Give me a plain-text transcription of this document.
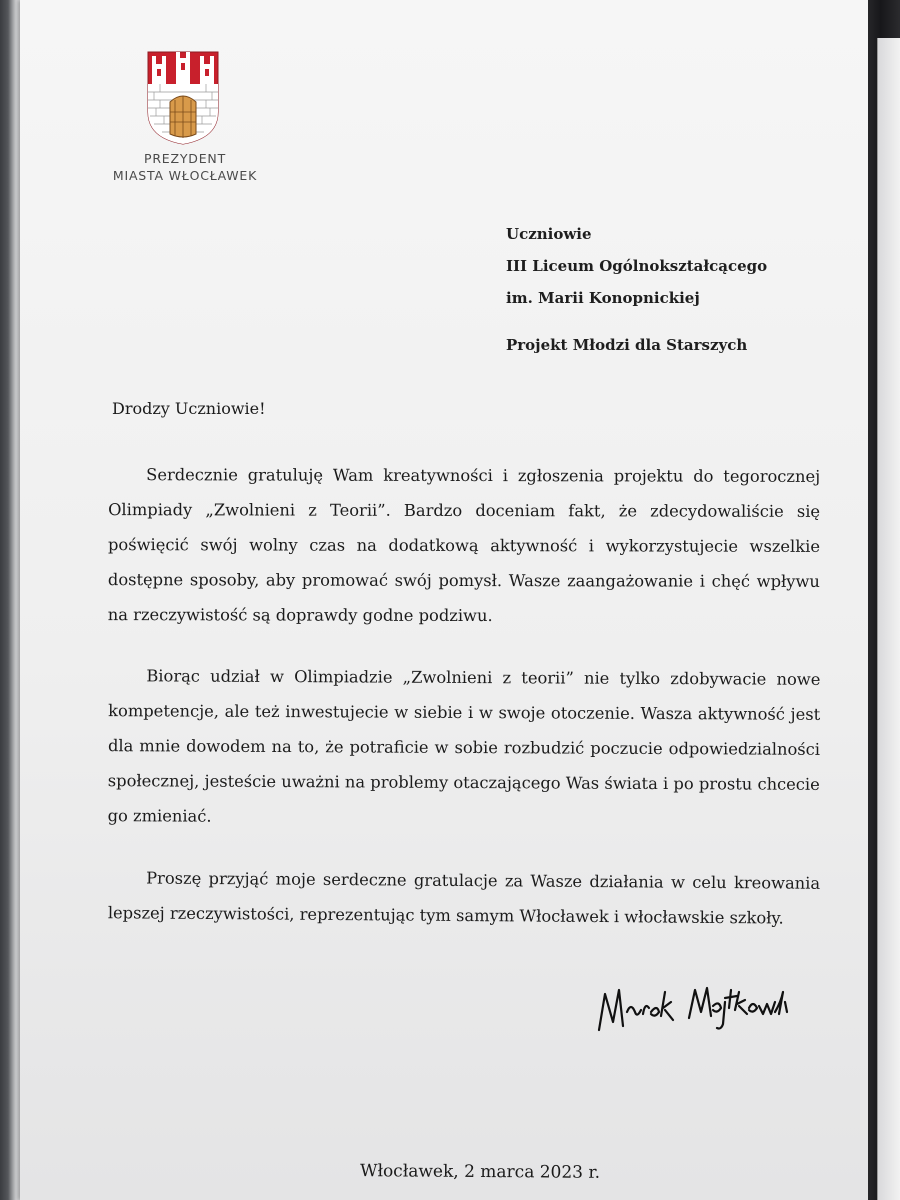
PREZYDENT
MIASTA WŁOCŁAWEK
Uczniowie
III Liceum Ogólnokształcącego
im. Marii Konopnickiej
Projekt Młodzi dla Starszych
Drodzy Uczniowie!

Serdecznie gratuluję Wam kreatywności i zgłoszenia projektu do tegorocznej Olimpiady „Zwolnieni z Teorii”. Bardzo doceniam fakt, że zdecydowaliście się poświęcić swój wolny czas na dodatkową aktywność i wykorzystujecie wszelkie dostępne sposoby, aby promować swój pomysł. Wasze zaangażowanie i chęć wpływu na rzeczywistość są doprawdy godne podziwu.

Biorąc udział w Olimpiadzie „Zwolnieni z teorii” nie tylko zdobywacie nowe kompetencje, ale też inwestujecie w siebie i w swoje otoczenie. Wasza aktywność jest dla mnie dowodem na to, że potraficie w sobie rozbudzić poczucie odpowiedzialności społecznej, jesteście uważni na problemy otaczającego Was świata i po prostu chcecie go zmieniać.

Proszę przyjąć moje serdeczne gratulacje za Wasze działania w celu kreowania lepszej rzeczywistości, reprezentując tym samym Włocławek i włocławskie szkoły.

Włocławek, 2 marca 2023 r.
